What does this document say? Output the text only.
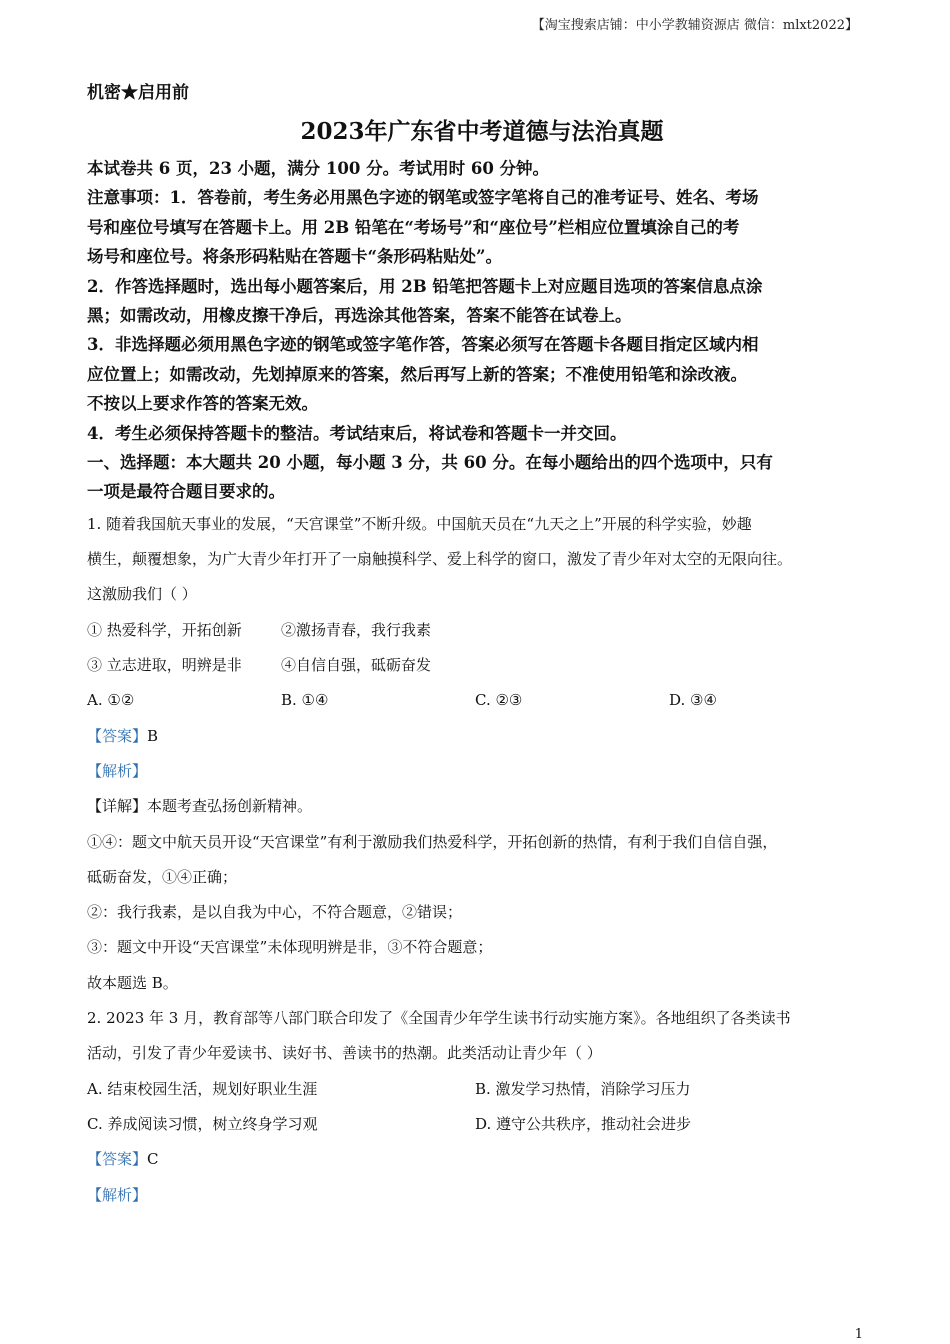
【淘宝搜索店铺：中小学教辅资源店 微信：mlxt2022】
机密★启用前
2023年广东省中考道德与法治真题
本试卷共 6 页，23 小题，满分 100 分。考试用时 60 分钟。
注意事项：1．答卷前，考生务必用黑色字迹的钢笔或签字笔将自己的准考证号、姓名、考场
号和座位号填写在答题卡上。用 2B 铅笔在“考场号”和“座位号”栏相应位置填涂自己的考
场号和座位号。将条形码粘贴在答题卡“条形码粘贴处”。
2．作答选择题时，选出每小题答案后，用 2B 铅笔把答题卡上对应题目选项的答案信息点涂
黑；如需改动，用橡皮擦干净后，再选涂其他答案，答案不能答在试卷上。
3．非选择题必须用黑色字迹的钢笔或签字笔作答，答案必须写在答题卡各题目指定区域内相
应位置上；如需改动，先划掉原来的答案，然后再写上新的答案；不准使用铅笔和涂改液。
不按以上要求作答的答案无效。
4．考生必须保持答题卡的整洁。考试结束后，将试卷和答题卡一并交回。
一、选择题：本大题共 20 小题，每小题 3 分，共 60 分。在每小题给出的四个选项中，只有
一项是最符合题目要求的。
1. 随着我国航天事业的发展，“天宫课堂”不断升级。中国航天员在“九天之上”开展的科学实验，妙趣
横生，颠覆想象，为广大青少年打开了一扇触摸科学、爱上科学的窗口，激发了青少年对太空的无限向往。
这激励我们（ ）
① 热爱科学，开拓创新	②激扬青春，我行我素
③ 立志进取，明辨是非	④自信自强，砥砺奋发
A. ①②	B. ①④	C. ②③	D. ③④
【答案】B
【解析】
【详解】本题考查弘扬创新精神。
①④：题文中航天员开设“天宫课堂”有利于激励我们热爱科学，开拓创新的热情，有利于我们自信自强，
砥砺奋发，①④正确；
②：我行我素，是以自我为中心，不符合题意，②错误；
③：题文中开设“天宫课堂”未体现明辨是非，③不符合题意；
故本题选 B。
2. 2023 年 3 月，教育部等八部门联合印发了《全国青少年学生读书行动实施方案》。各地组织了各类读书
活动，引发了青少年爱读书、读好书、善读书的热潮。此类活动让青少年（ ）
A. 结束校园生活，规划好职业生涯	B. 激发学习热情，消除学习压力
C. 养成阅读习惯，树立终身学习观	D. 遵守公共秩序，推动社会进步
【答案】C
【解析】
1
